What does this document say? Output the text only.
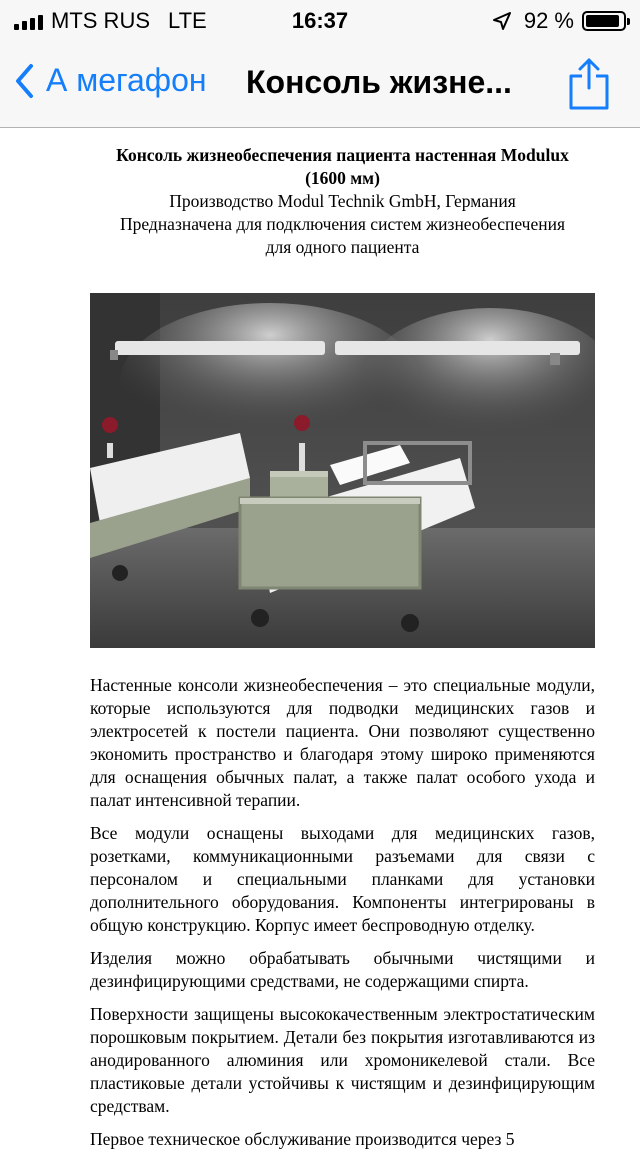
MTS RUS LTE	16:37	92 %
А мегафон Консоль жизне...

Консоль жизнеобеспечения пациента настенная Modulux
(1600 мм)

Производство Modul Technik GmbH, Германия

Предназначена для подключения систем жизнеобеспечения
для одного пациента

Настенные консоли жизнеобеспечения – это специальные модули, которые используются для подводки медицинских газов и электросетей к постели пациента. Они позволяют существенно экономить пространство и благодаря этому широко применяются для оснащения обычных палат, а также палат особого ухода и палат интенсивной терапии.

Все модули оснащены выходами для медицинских газов, розетками, коммуникационными разъемами для связи с персоналом и специальными планками для установки дополнительного оборудования. Компоненты интегрированы в общую конструкцию. Корпус имеет беспроводную отделку.

Изделия можно обрабатывать обычными чистящими и дезинфицирующими средствами, не содержащими спирта.

Поверхности защищены высококачественным электростатическим порошковым покрытием. Детали без покрытия изготавливаются из анодированного алюминия или хромоникелевой стали. Все пластиковые детали устойчивы к чистящим и дезинфицирующим средствам.

Первое техническое обслуживание производится через 5
